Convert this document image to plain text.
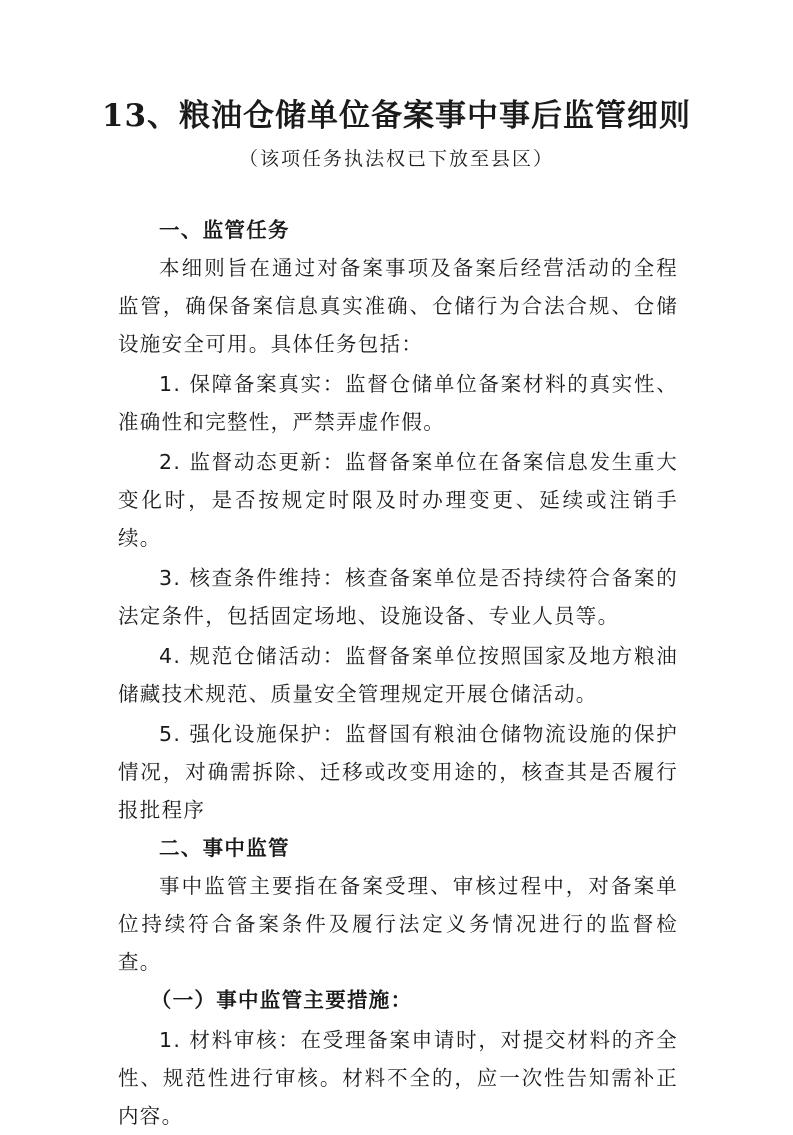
13、粮油仓储单位备案事中事后监管细则
（该项任务执法权已下放至县区）

一、监管任务

本细则旨在通过对备案事项及备案后经营活动的全程监管，确保备案信息真实准确、仓储行为合法合规、仓储设施安全可用。具体任务包括：

1. 保障备案真实：监督仓储单位备案材料的真实性、准确性和完整性，严禁弄虚作假。

2. 监督动态更新：监督备案单位在备案信息发生重大变化时，是否按规定时限及时办理变更、延续或注销手续。

3. 核查条件维持：核查备案单位是否持续符合备案的法定条件，包括固定场地、设施设备、专业人员等。

4. 规范仓储活动：监督备案单位按照国家及地方粮油储藏技术规范、质量安全管理规定开展仓储活动。

5. 强化设施保护：监督国有粮油仓储物流设施的保护情况，对确需拆除、迁移或改变用途的，核查其是否履行报批程序

二、事中监管

事中监管主要指在备案受理、审核过程中，对备案单位持续符合备案条件及履行法定义务情况进行的监督检查。

（一）事中监管主要措施：

1. 材料审核：在受理备案申请时，对提交材料的齐全性、规范性进行审核。材料不全的，应一次性告知需补正内容。
